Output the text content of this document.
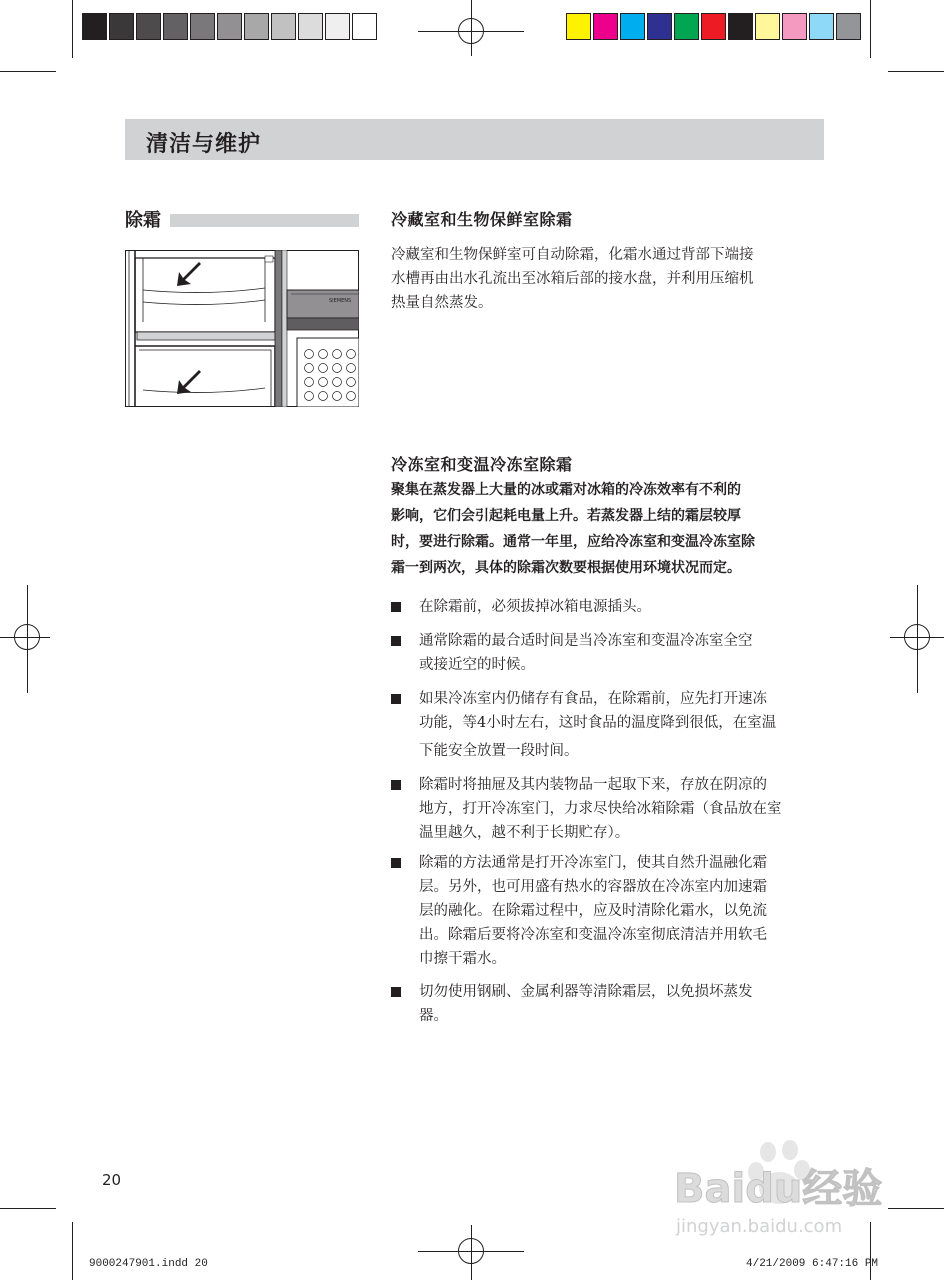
清洁与维护
除霜
SIEMENS
冷藏室和生物保鲜室除霜
冷藏室和生物保鲜室可自动除霜，化霜水通过背部下端接
水槽再由出水孔流出至冰箱后部的接水盘，并利用压缩机
热量自然蒸发。
冷冻室和变温冷冻室除霜
聚集在蒸发器上大量的冰或霜对冰箱的冷冻效率有不利的
影响，它们会引起耗电量上升。若蒸发器上结的霜层较厚
时，要进行除霜。通常一年里，应给冷冻室和变温冷冻室除
霜一到两次，具体的除霜次数要根据使用环境状况而定。
在除霜前，必须拔掉冰箱电源插头。
通常除霜的最合适时间是当冷冻室和变温冷冻室全空
或接近空的时候。
如果冷冻室内仍储存有食品，在除霜前，应先打开速冻
功能，等4小时左右，这时食品的温度降到很低，在室温
下能安全放置一段时间。
除霜时将抽屉及其内装物品一起取下来，存放在阴凉的
地方，打开冷冻室门，力求尽快给冰箱除霜（食品放在室
温里越久，越不利于长期贮存）。
除霜的方法通常是打开冷冻室门，使其自然升温融化霜
层。另外，也可用盛有热水的容器放在冷冻室内加速霜
层的融化。在除霜过程中，应及时清除化霜水，以免流
出。除霜后要将冷冻室和变温冷冻室彻底清洁并用软毛
巾擦干霜水。
切勿使用钢刷、金属利器等清除霜层，以免损坏蒸发
器。
20	Baidu经验
jingyan.baidu.com
9000247901.indd 20	4/21/2009 6:47:16 PM
